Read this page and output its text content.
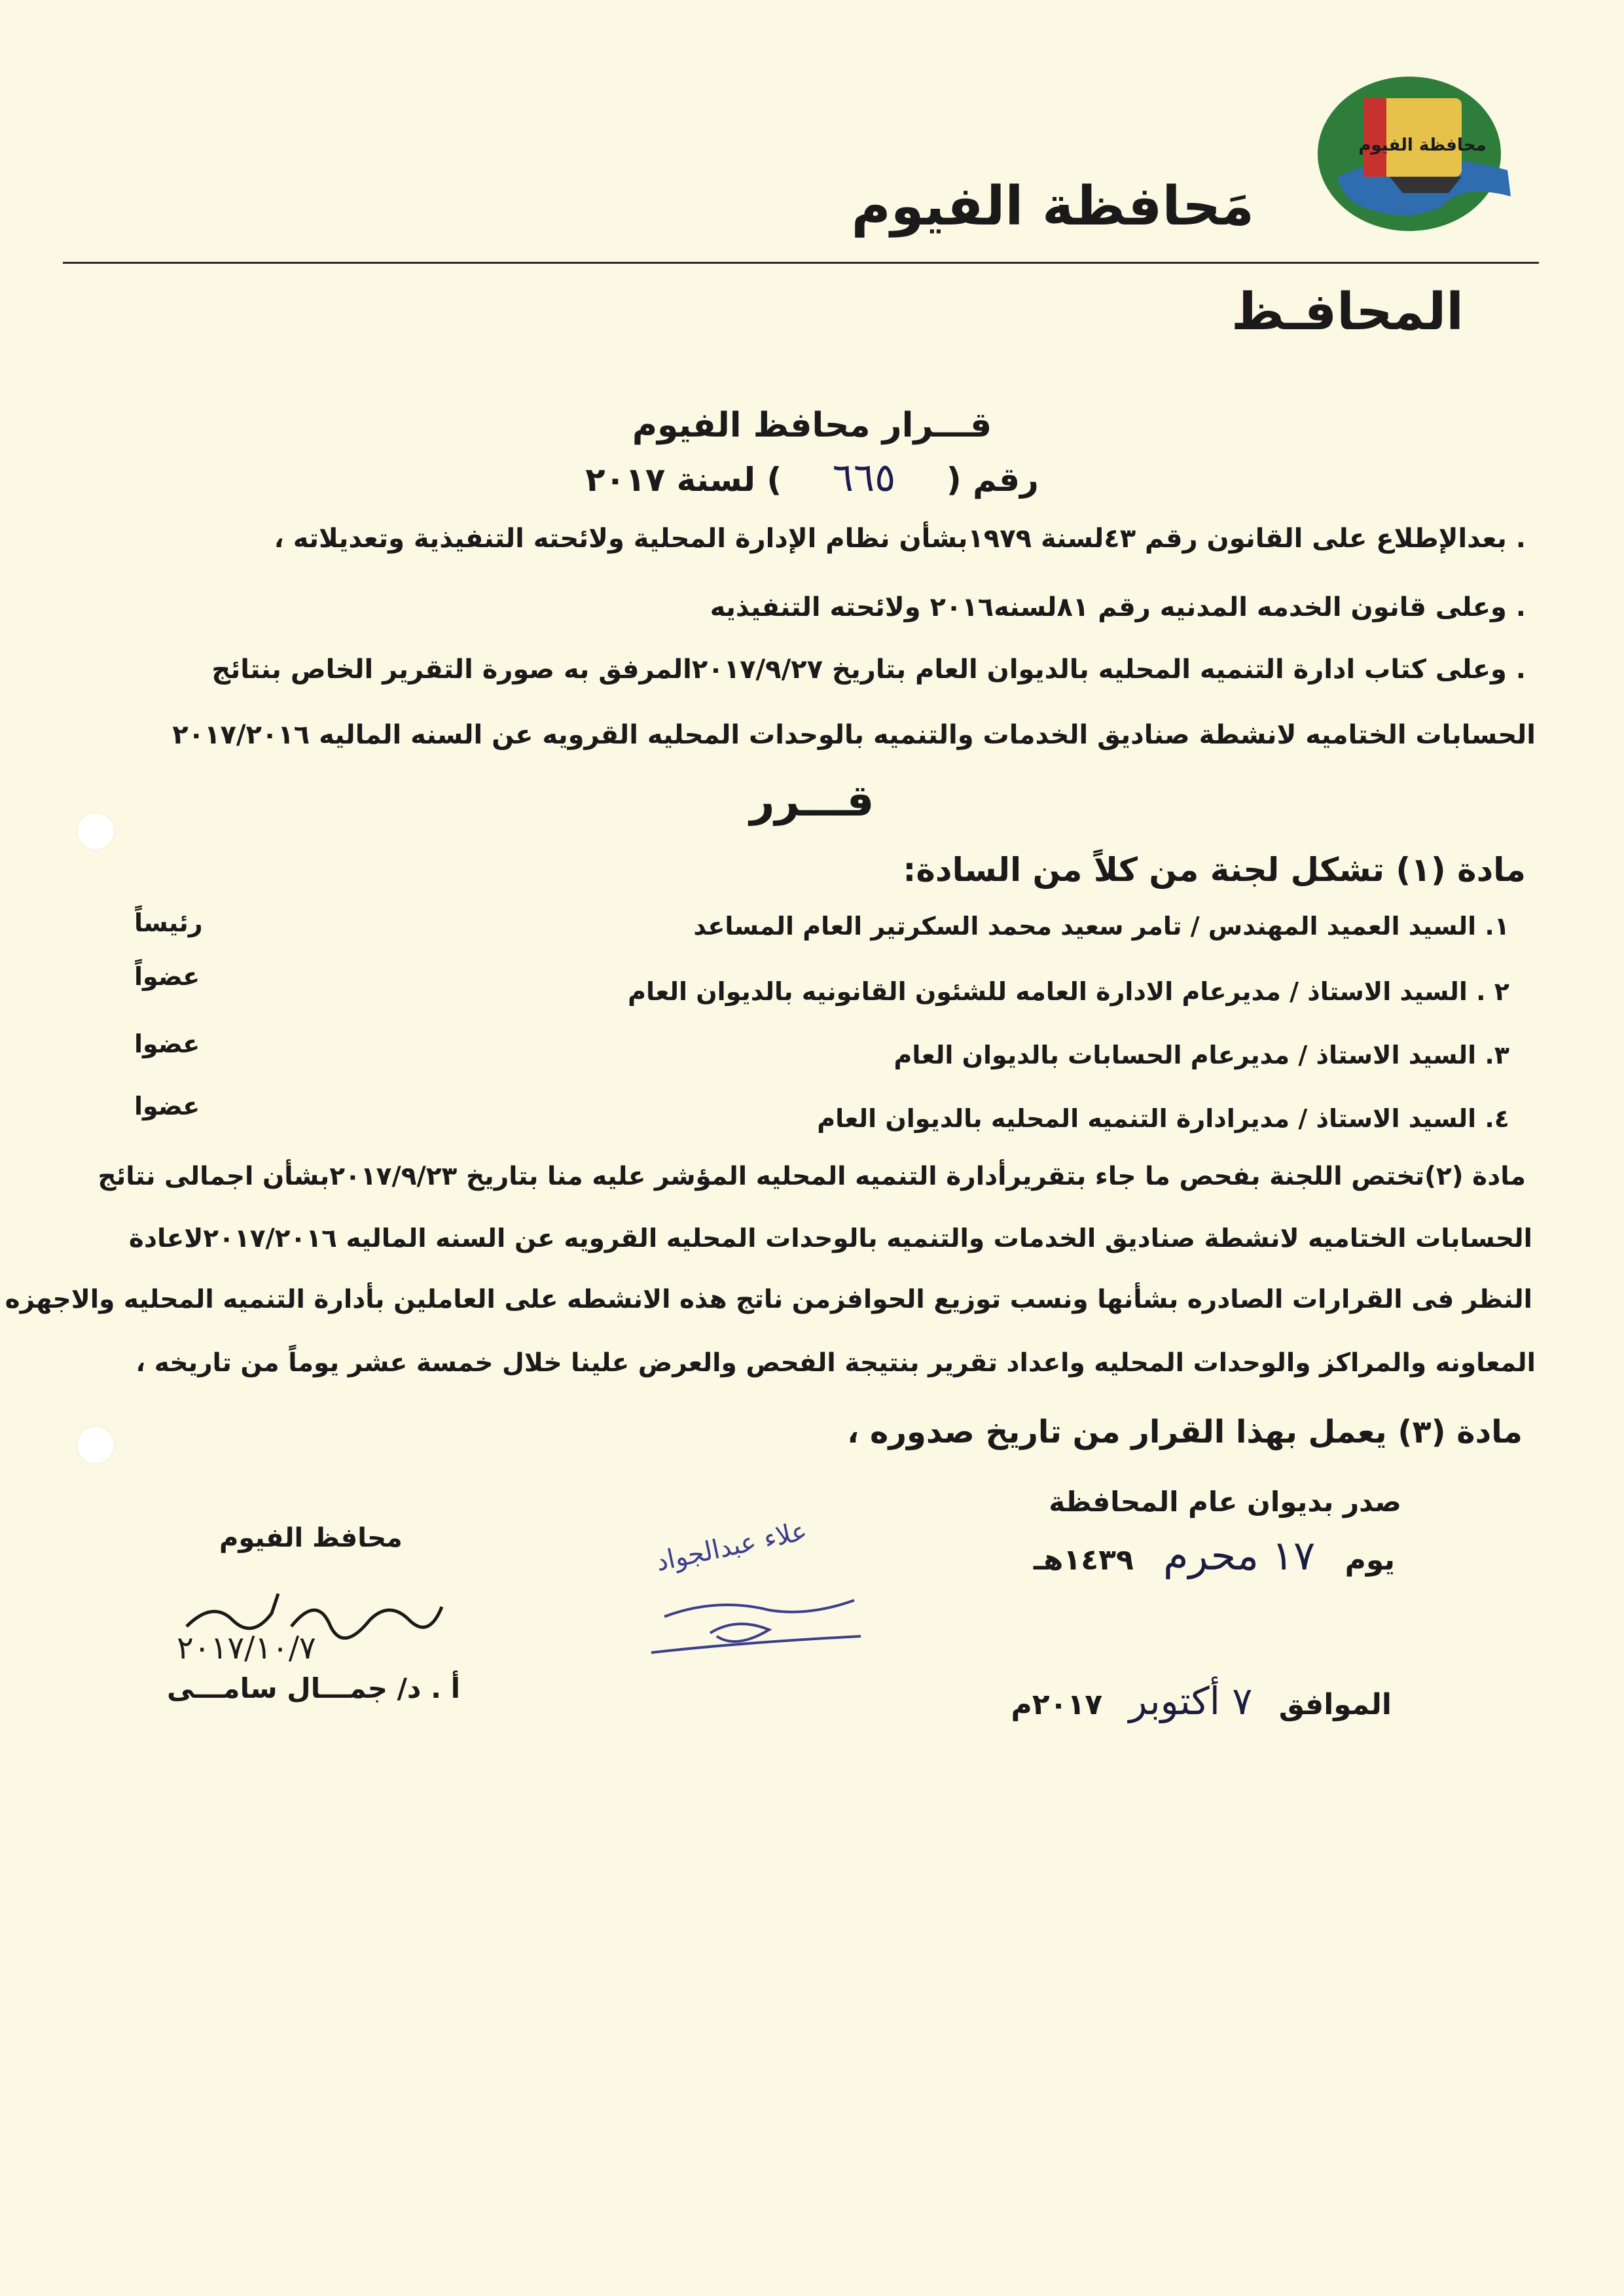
محافظة الفيوم
مَحافظة الفيوم
المحافـظ
قـــرار محافظ الفيوم
رقم ( ٦٦٥ ) لسنة ٢٠١٧
. بعدالإطلاع على القانون رقم ٤٣لسنة ١٩٧٩بشأن نظام الإدارة المحلية ولائحته التنفيذية وتعديلاته ،
. وعلى قانون الخدمه المدنيه رقم ٨١لسنه٢٠١٦ ولائحته التنفيذيه
. وعلى كتاب ادارة التنميه المحليه بالديوان العام بتاريخ ٢٠١٧/٩/٢٧المرفق به صورة التقرير الخاص بنتائج
الحسابات الختاميه لانشطة صناديق الخدمات والتنميه بالوحدات المحليه القرويه عن السنه الماليه ٢٠١٧/٢٠١٦
قـــرر
مادة (١) تشكل لجنة من كلاً من السادة:
١. السيد العميد المهندس / تامر سعيد محمد السكرتير العام المساعد
رئيساً
٢ . السيد الاستاذ / مديرعام الادارة العامه للشئون القانونيه بالديوان العام
عضواً
٣. السيد الاستاذ / مديرعام الحسابات بالديوان العام
عضوا
٤. السيد الاستاذ / مديرادارة التنميه المحليه بالديوان العام
عضوا
مادة (٢)تختص اللجنة بفحص ما جاء بتقريرأدارة التنميه المحليه المؤشر عليه منا بتاريخ ٢٠١٧/٩/٢٣بشأن اجمالى نتائج
الحسابات الختاميه لانشطة صناديق الخدمات والتنميه بالوحدات المحليه القرويه عن السنه الماليه ٢٠١٧/٢٠١٦لاعادة
النظر فى القرارات الصادره بشأنها ونسب توزيع الحوافزمن ناتج هذه الانشطه على العاملين بأدارة التنميه المحليه والاجهزه
المعاونه والمراكز والوحدات المحليه واعداد تقرير بنتيجة الفحص والعرض علينا خلال خمسة عشر يوماً من تاريخه ،
مادة (٣) يعمل بهذا القرار من تاريخ صدوره ،
صدر بديوان عام المحافظة
يوم ١٧ محرم ١٤٣٩هـ
الموافق ٧ أكتوبر ٢٠١٧م
علاء عبدالجواد
محافظ الفيوم
٢٠١٧/١٠/٧
أ . د/ جمـــال سامـــى
